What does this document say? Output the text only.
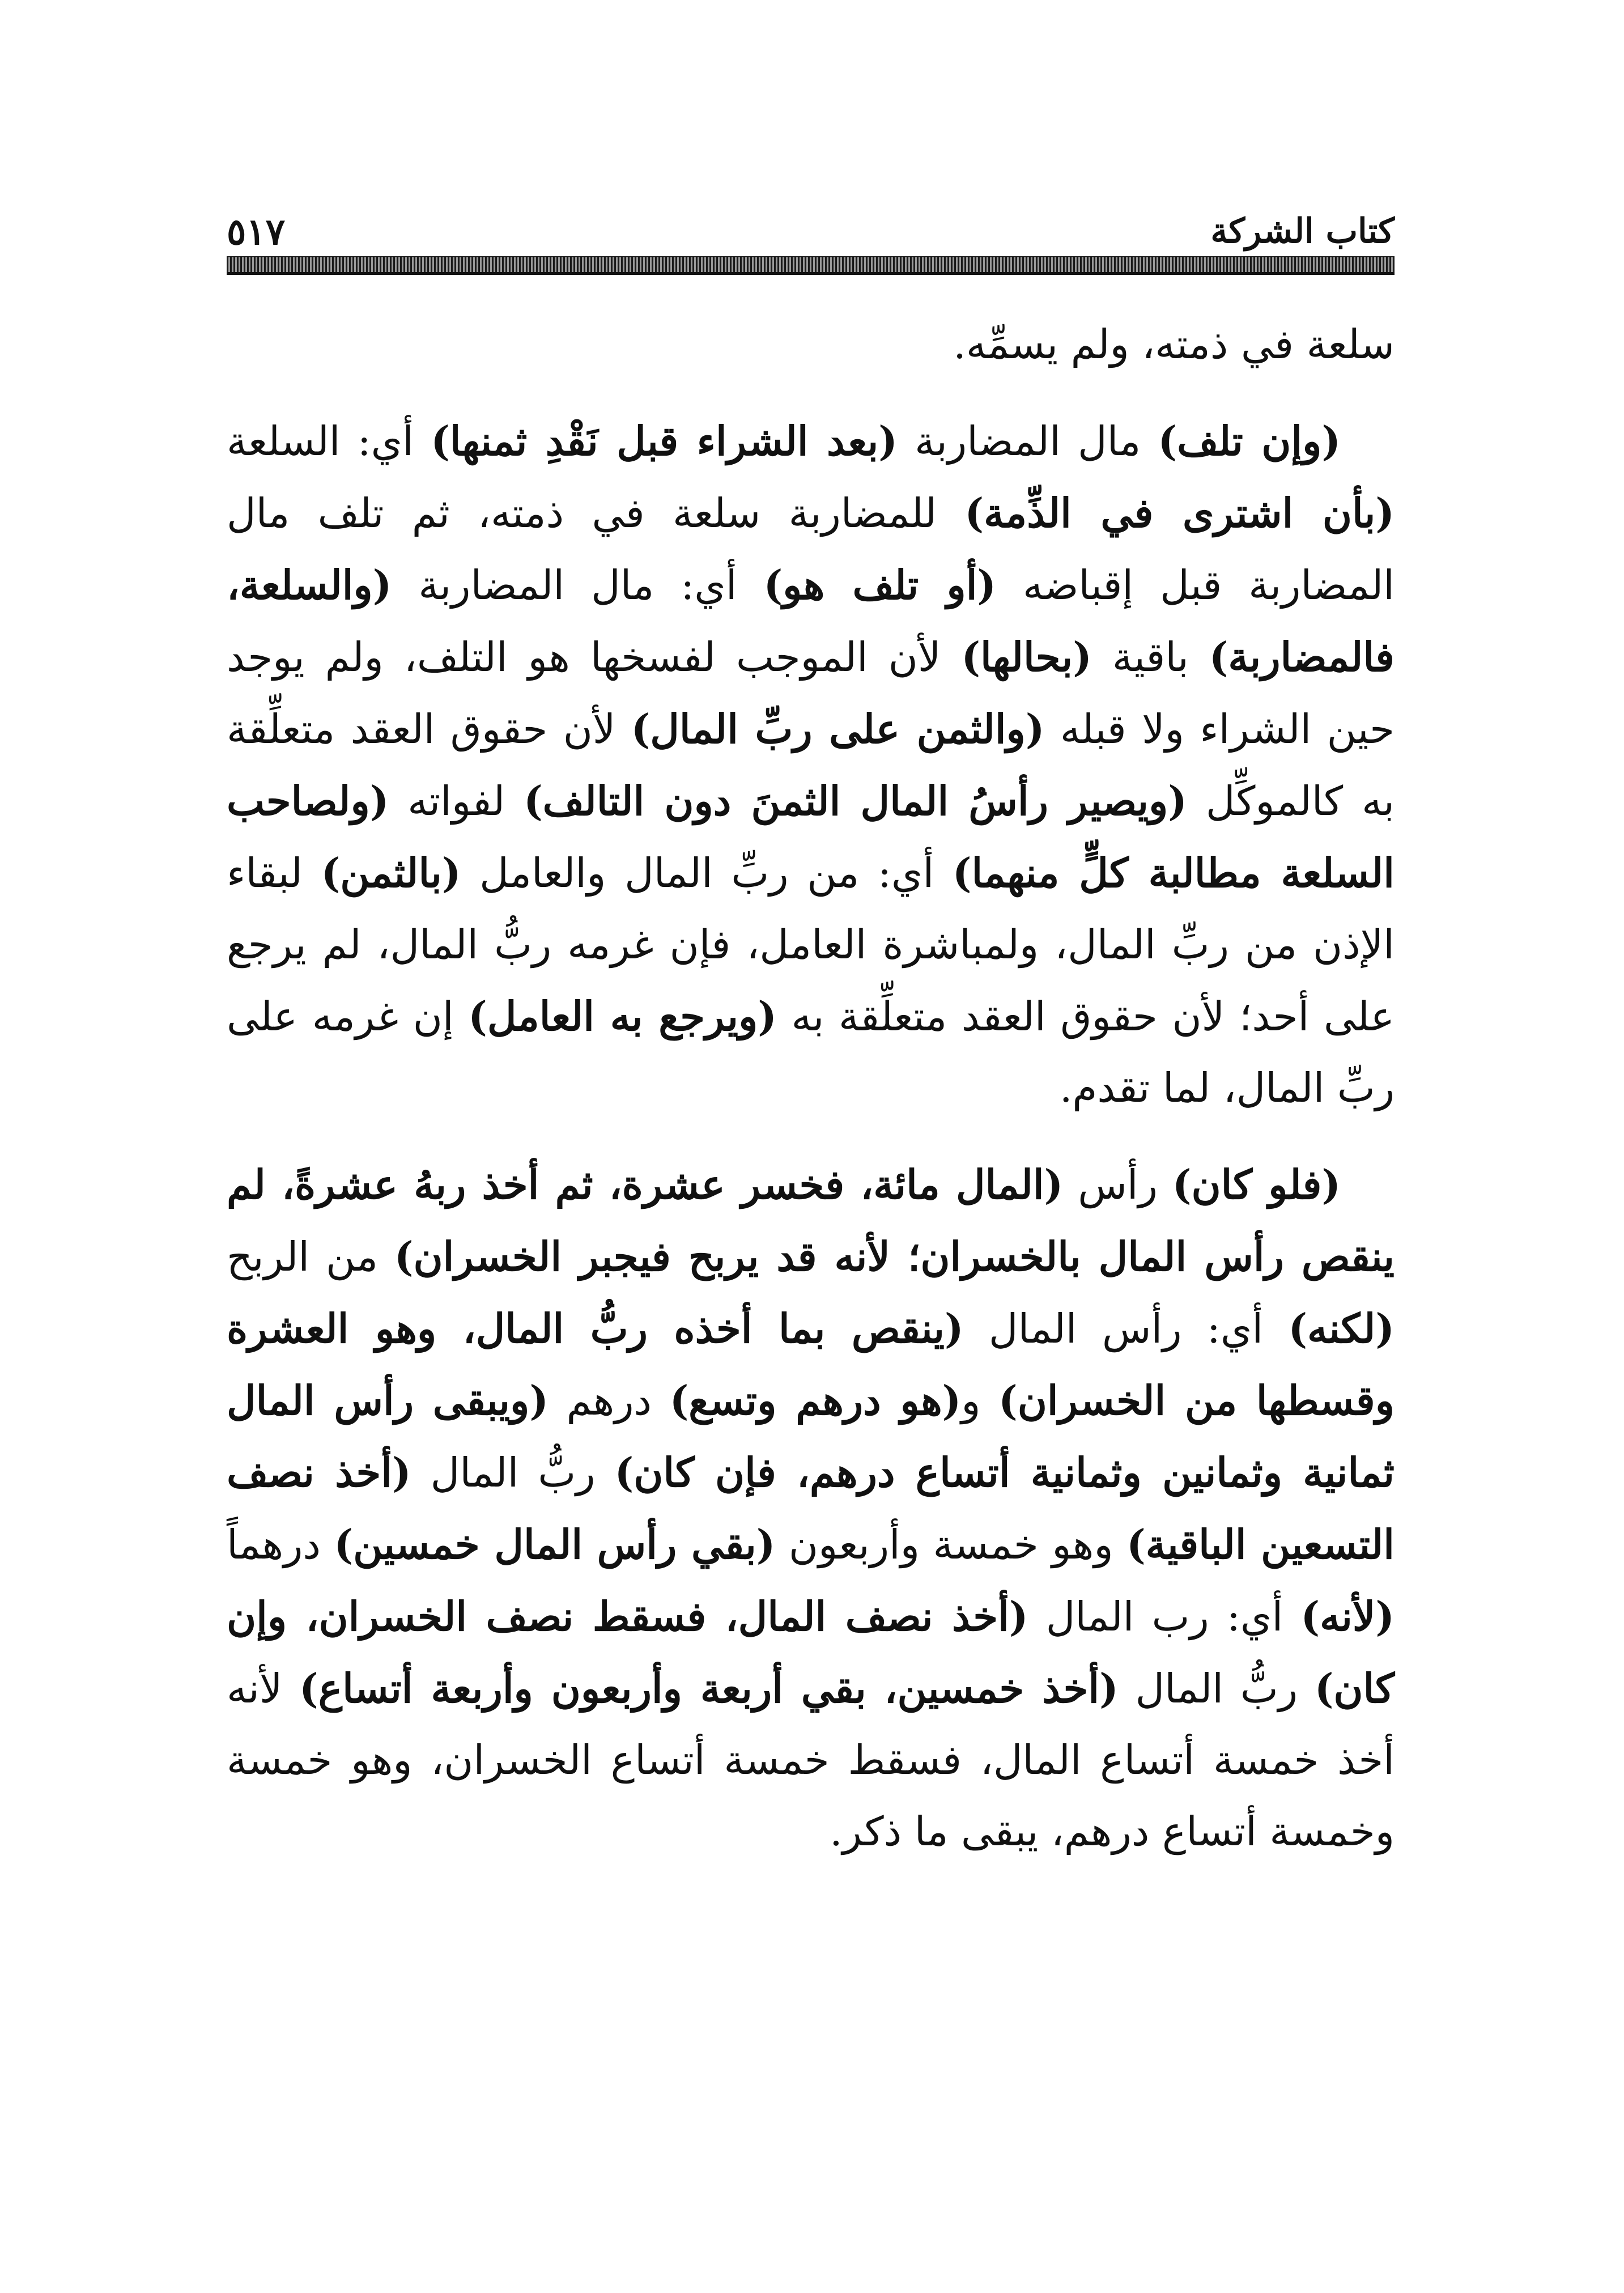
كتاب الشركة
٥١٧

سلعة في ذمته، ولم يسمِّه.

(وإن تلف) مال المضاربة (بعد الشراء قبل نَقْدِ ثمنها) أي: السلعة (بأن اشترى في الذِّمة) للمضاربة سلعة في ذمته، ثم تلف مال المضاربة قبل إقباضه (أو تلف هو) أي: مال المضاربة (والسلعة، فالمضاربة) باقية (بحالها) لأن الموجب لفسخها هو التلف، ولم يوجد حين الشراء ولا قبله (والثمن على ربِّ المال) لأن حقوق العقد متعلِّقة به كالموكِّل (ويصير رأسُ المال الثمنَ دون التالف) لفواته (ولصاحب السلعة مطالبة كلٍّ منهما) أي: من ربِّ المال والعامل (بالثمن) لبقاء الإذن من ربِّ المال، ولمباشرة العامل، فإن غرمه ربُّ المال، لم يرجع على أحد؛ لأن حقوق العقد متعلِّقة به (ويرجع به العامل) إن غرمه على ربِّ المال، لما تقدم.

(فلو كان) رأس (المال مائة، فخسر عشرة، ثم أخذ ربهُ عشرةً، لم ينقص رأس المال بالخسران؛ لأنه قد يربح فيجبر الخسران) من الربح (لكنه) أي: رأس المال (ينقص بما أخذه ربُّ المال، وهو العشرة وقسطها من الخسران) و(هو درهم وتسع) درهم (ويبقى رأس المال ثمانية وثمانين وثمانية أتساع درهم، فإن كان) ربُّ المال (أخذ نصف التسعين الباقية) وهو خمسة وأربعون (بقي رأس المال خمسين) درهماً (لأنه) أي: رب المال (أخذ نصف المال، فسقط نصف الخسران، وإن كان) ربُّ المال (أخذ خمسين، بقي أربعة وأربعون وأربعة أتساع) لأنه أخذ خمسة أتساع المال، فسقط خمسة أتساع الخسران، وهو خمسة وخمسة أتساع درهم، يبقى ما ذكر.
